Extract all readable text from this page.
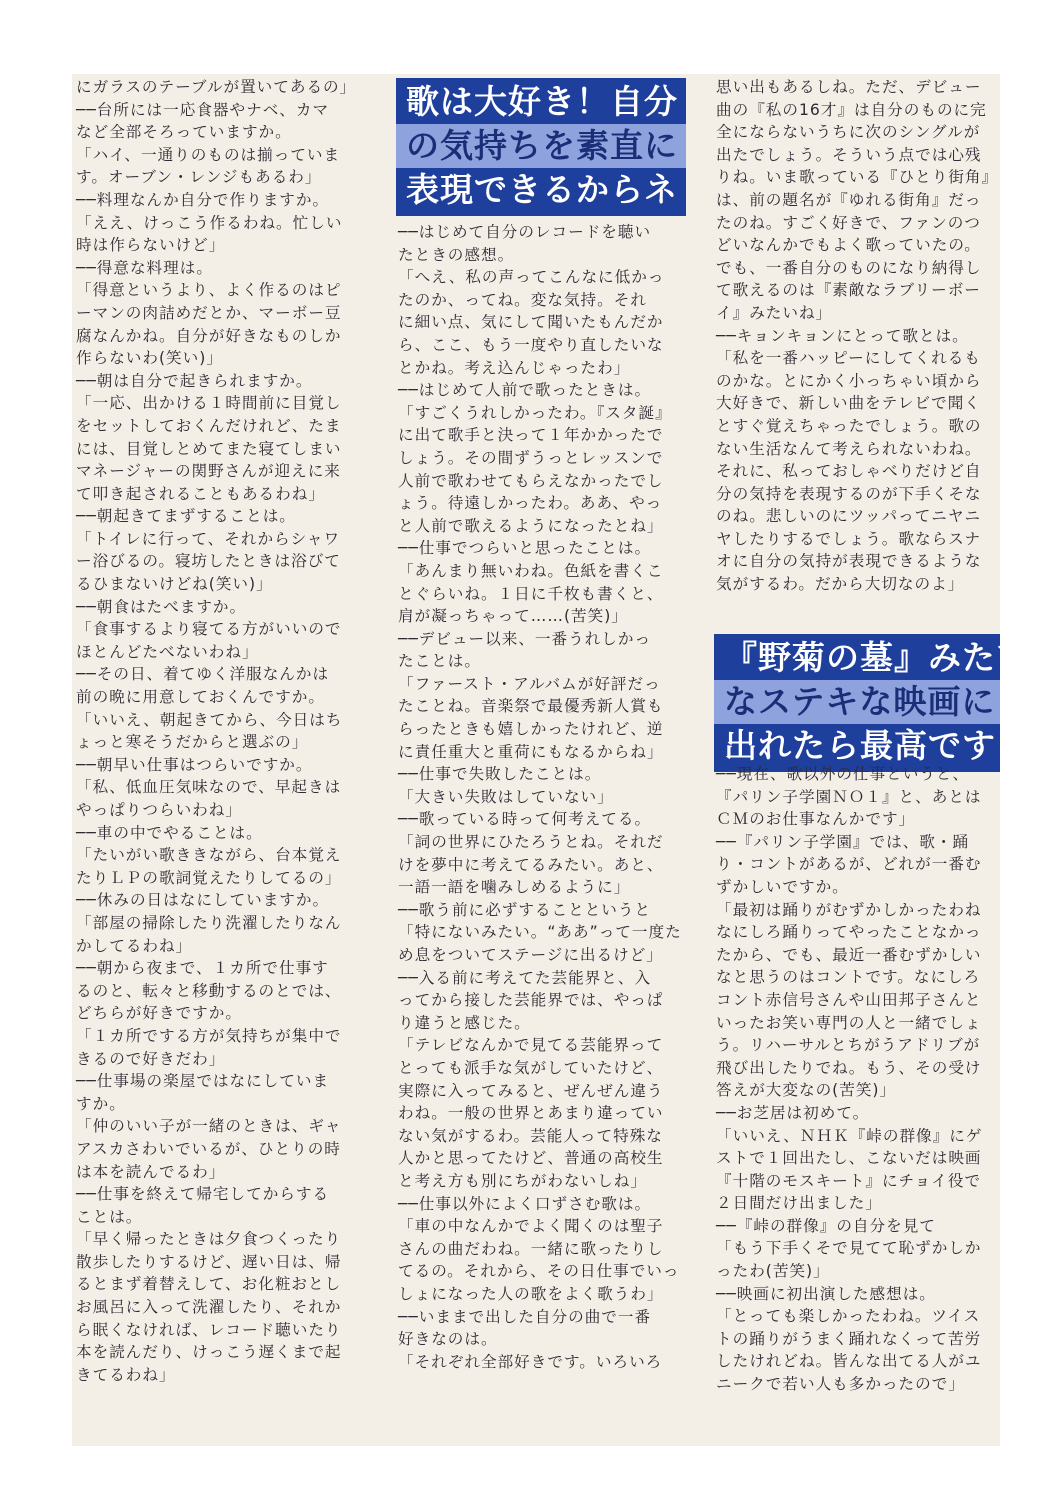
にガラスのテーブルが置いてあるの」

──台所には一応食器やナベ、カマ

など全部そろっていますか。

「ハイ、一通りのものは揃っていま

す。オーブン・レンジもあるわ」

──料理なんか自分で作りますか。

「ええ、けっこう作るわね。忙しい

時は作らないけど」

──得意な料理は。

「得意というより、よく作るのはピ

ーマンの肉詰めだとか、マーボー豆

腐なんかね。自分が好きなものしか

作らないわ(笑い)」

──朝は自分で起きられますか。

「一応、出かける１時間前に目覚し

をセットしておくんだけれど、たま

には、目覚しとめてまた寝てしまい

マネージャーの関野さんが迎えに来

て叩き起されることもあるわね」

──朝起きてまずすることは。

「トイレに行って、それからシャワ

ー浴びるの。寝坊したときは浴びて

るひまないけどね(笑い)」

──朝食はたべますか。

「食事するより寝てる方がいいので

ほとんどたべないわね」

──その日、着てゆく洋服なんかは

前の晩に用意しておくんですか。

「いいえ、朝起きてから、今日はち

ょっと寒そうだからと選ぶの」

──朝早い仕事はつらいですか。

「私、低血圧気味なので、早起きは

やっぱりつらいわね」

──車の中でやることは。

「たいがい歌ききながら、台本覚え

たりＬＰの歌詞覚えたりしてるの」

──休みの日はなにしていますか。

「部屋の掃除したり洗濯したりなん

かしてるわね」

──朝から夜まで、１カ所で仕事す

るのと、転々と移動するのとでは、

どちらが好きですか。

「１カ所でする方が気持ちが集中で

きるので好きだわ」

──仕事場の楽屋ではなにしていま

すか。

「仲のいい子が一緒のときは、ギャ

アスカさわいでいるが、ひとりの時

は本を読んでるわ」

──仕事を終えて帰宅してからする

ことは。

「早く帰ったときは夕食つくったり

散歩したりするけど、遅い日は、帰

るとまず着替えして、お化粧おとし

お風呂に入って洗濯したり、それか

ら眠くなければ、レコード聴いたり

本を読んだり、けっこう遅くまで起

きてるわね」

歌は大好き！自分
の気持ちを素直に
表現できるからネ

──はじめて自分のレコードを聴い

たときの感想。

「へえ、私の声ってこんなに低かっ

たのか、ってね。変な気持。それ

に細い点、気にして聞いたもんだか

ら、ここ、もう一度やり直したいな

とかね。考え込んじゃったわ」

──はじめて人前で歌ったときは。

「すごくうれしかったわ。『スタ誕』

に出て歌手と決って１年かかったで

しょう。その間ずうっとレッスンで

人前で歌わせてもらえなかったでし

ょう。待遠しかったわ。ああ、やっ

と人前で歌えるようになったとね」

──仕事でつらいと思ったことは。

「あんまり無いわね。色紙を書くこ

とぐらいね。１日に千枚も書くと、

肩が凝っちゃって……(苦笑)」

──デビュー以来、一番うれしかっ

たことは。

「ファースト・アルバムが好評だっ

たことね。音楽祭で最優秀新人賞も

らったときも嬉しかったけれど、逆

に責任重大と重荷にもなるからね」

──仕事で失敗したことは。

「大きい失敗はしていない」

──歌っている時って何考えてる。

「詞の世界にひたろうとね。それだ

けを夢中に考えてるみたい。あと、

一語一語を噛みしめるように」

──歌う前に必ずすることというと

「特にないみたい。“ああ”って一度た

め息をついてステージに出るけど」

──入る前に考えてた芸能界と、入

ってから接した芸能界では、やっぱ

り違うと感じた。

「テレビなんかで見てる芸能界って

とっても派手な気がしていたけど、

実際に入ってみると、ぜんぜん違う

わね。一般の世界とあまり違ってい

ない気がするわ。芸能人って特殊な

人かと思ってたけど、普通の高校生

と考え方も別にちがわないしね」

──仕事以外によく口ずさむ歌は。

「車の中なんかでよく聞くのは聖子

さんの曲だわね。一緒に歌ったりし

てるの。それから、その日仕事でいっ

しょになった人の歌をよく歌うわ」

──いままで出した自分の曲で一番

好きなのは。

「それぞれ全部好きです。いろいろ

思い出もあるしね。ただ、デビュー

曲の『私の16才』は自分のものに完

全にならないうちに次のシングルが

出たでしょう。そういう点では心残

りね。いま歌っている『ひとり街角』

は、前の題名が『ゆれる街角』だっ

たのね。すごく好きで、ファンのつ

どいなんかでもよく歌っていたの。

でも、一番自分のものになり納得し

て歌えるのは『素敵なラブリーボー

イ』みたいね」

──キョンキョンにとって歌とは。

「私を一番ハッピーにしてくれるも

のかな。とにかく小っちゃい頃から

大好きで、新しい曲をテレビで聞く

とすぐ覚えちゃったでしょう。歌の

ない生活なんて考えられないわね。

それに、私っておしゃべりだけど自

分の気持を表現するのが下手くそな

のね。悲しいのにツッパってニヤニ

ヤしたりするでしょう。歌ならスナ

オに自分の気持が表現できるような

気がするわ。だから大切なのよ」

『野菊の墓』みたい
なステキな映画に
出れたら最高です

──現在、歌以外の仕事というと、

『パリン子学園ＮＯ１』と、あとは

ＣＭのお仕事なんかです」

──『パリン子学園』では、歌・踊

り・コントがあるが、どれが一番む

ずかしいですか。

「最初は踊りがむずかしかったわね

なにしろ踊りってやったことなかっ

たから、でも、最近一番むずかしい

なと思うのはコントです。なにしろ

コント赤信号さんや山田邦子さんと

いったお笑い専門の人と一緒でしょ

う。リハーサルとちがうアドリブが

飛び出したりでね。もう、その受け

答えが大変なの(苦笑)」

──お芝居は初めて。

「いいえ、ＮＨＫ『峠の群像』にゲ

ストで１回出たし、こないだは映画

『十階のモスキート』にチョイ役で

２日間だけ出ました」

──『峠の群像』の自分を見て

「もう下手くそで見てて恥ずかしか

ったわ(苦笑)」

──映画に初出演した感想は。

「とっても楽しかったわね。ツイス

トの踊りがうまく踊れなくって苦労

したけれどね。皆んな出てる人がユ

ニークで若い人も多かったので」
